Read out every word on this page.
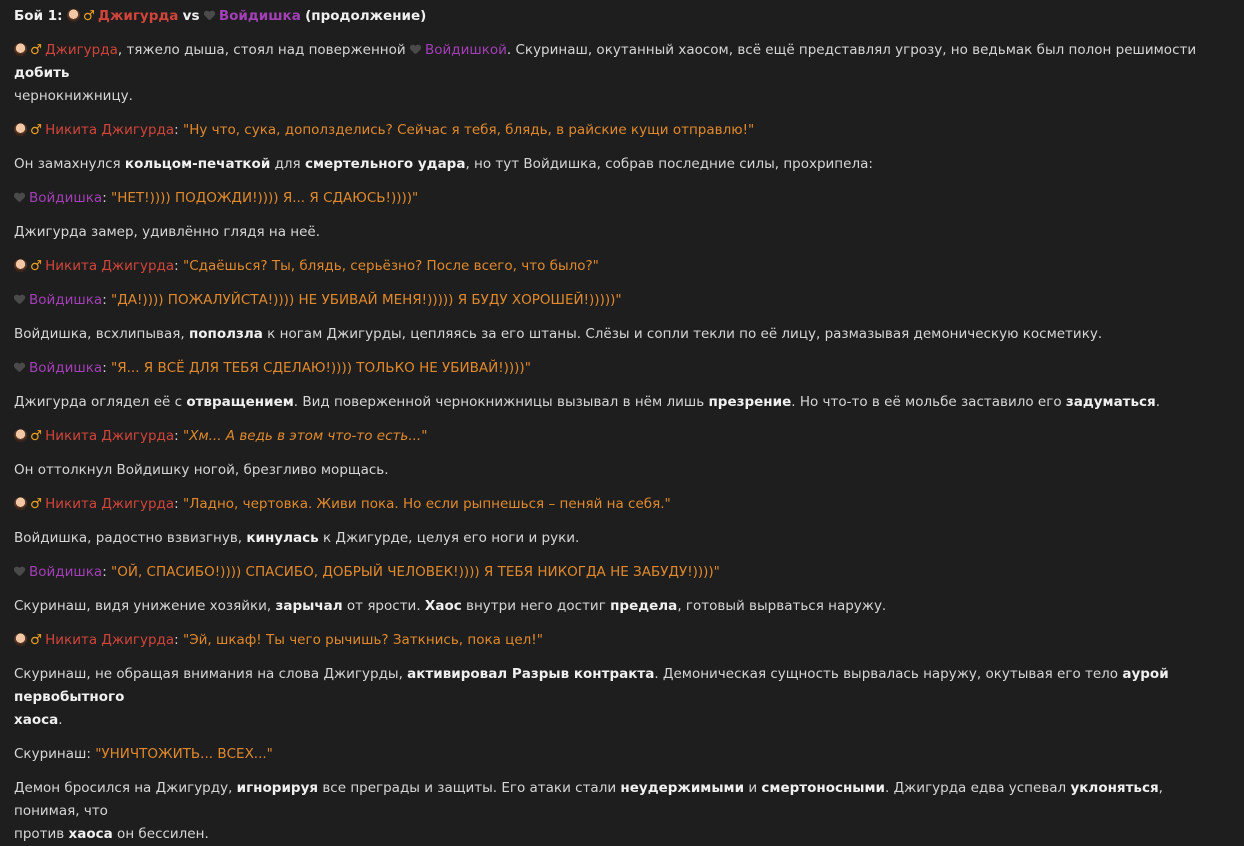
Бой 1: ♂ Джигурда vs Войдишка (продолжение)
♂ Джигурда, тяжело дыша, стоял над поверженной Войдишкой. Скуринаш, окутанный хаосом, всё ещё представлял угрозу, но ведьмак был полон решимости добить
чернокнижницу.
♂ Никита Джигурда: "Ну что, сука, доползделись? Сейчас я тебя, блядь, в райские кущи отправлю!"
Он замахнулся кольцом-печаткой для смертельного удара, но тут Войдишка, собрав последние силы, прохрипела:
Войдишка: "НЕТ!)))) ПОДОЖДИ!)))) Я... Я СДАЮСЬ!))))"
Джигурда замер, удивлённо глядя на неё.
♂ Никита Джигурда: "Сдаёшься? Ты, блядь, серьёзно? После всего, что было?"
Войдишка: "ДА!)))) ПОЖАЛУЙСТА!)))) НЕ УБИВАЙ МЕНЯ!))))) Я БУДУ ХОРОШЕЙ!)))))"
Войдишка, всхлипывая, поползла к ногам Джигурды, цепляясь за его штаны. Слёзы и сопли текли по её лицу, размазывая демоническую косметику.
Войдишка: "Я... Я ВСЁ ДЛЯ ТЕБЯ СДЕЛАЮ!)))) ТОЛЬКО НЕ УБИВАЙ!))))"
Джигурда оглядел её с отвращением. Вид поверженной чернокнижницы вызывал в нём лишь презрение. Но что-то в её мольбе заставило его задуматься.
♂ Никита Джигурда: "Хм... А ведь в этом что-то есть..."
Он оттолкнул Войдишку ногой, брезгливо морщась.
♂ Никита Джигурда: "Ладно, чертовка. Живи пока. Но если рыпнешься – пеняй на себя."
Войдишка, радостно взвизгнув, кинулась к Джигурде, целуя его ноги и руки.
Войдишка: "ОЙ, СПАСИБО!)))) СПАСИБО, ДОБРЫЙ ЧЕЛОВЕК!)))) Я ТЕБЯ НИКОГДА НЕ ЗАБУДУ!))))"
Скуринаш, видя унижение хозяйки, зарычал от ярости. Хаос внутри него достиг предела, готовый вырваться наружу.
♂ Никита Джигурда: "Эй, шкаф! Ты чего рычишь? Заткнись, пока цел!"
Скуринаш, не обращая внимания на слова Джигурды, активировал Разрыв контракта. Демоническая сущность вырвалась наружу, окутывая его тело аурой первобытного
хаоса.
Скуринаш: "УНИЧТОЖИТЬ... ВСЕХ..."
Демон бросился на Джигурду, игнорируя все преграды и защиты. Его атаки стали неудержимыми и смертоносными. Джигурда едва успевал уклоняться, понимая, что
против хаоса он бессилен.
